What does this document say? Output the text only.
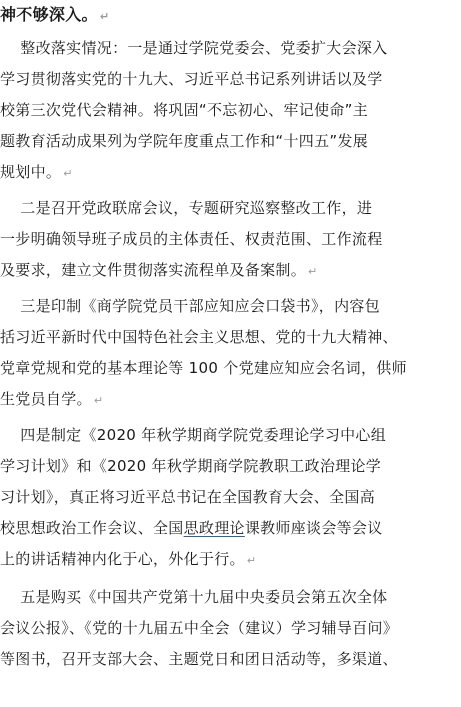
神不够深入。 ↵
整改落实情况：一是通过学院党委会、党委扩大会深入
学习贯彻落实党的十九大、习近平总书记系列讲话以及学
校第三次党代会精神。将巩固“不忘初心、牢记使命”主
题教育活动成果列为学院年度重点工作和“十四五”发展
规划中。 ↵
二是召开党政联席会议，专题研究巡察整改工作，进
一步明确领导班子成员的主体责任、权责范围、工作流程
及要求，建立文件贯彻落实流程单及备案制。 ↵
三是印制《商学院党员干部应知应会口袋书》，内容包
括习近平新时代中国特色社会主义思想、党的十九大精神、
党章党规和党的基本理论等 100 个党建应知应会名词，供师
生党员自学。 ↵
四是制定《2020 年秋学期商学院党委理论学习中心组
学习计划》和《2020 年秋学期商学院教职工政治理论学
习计划》，真正将习近平总书记在全国教育大会、全国高
校思想政治工作会议、全国思政理论课教师座谈会等会议
上的讲话精神内化于心，外化于行。 ↵
五是购买《中国共产党第十九届中央委员会第五次全体
会议公报》、《党的十九届五中全会（建议）学习辅导百问》
等图书，召开支部大会、主题党日和团日活动等，多渠道、
